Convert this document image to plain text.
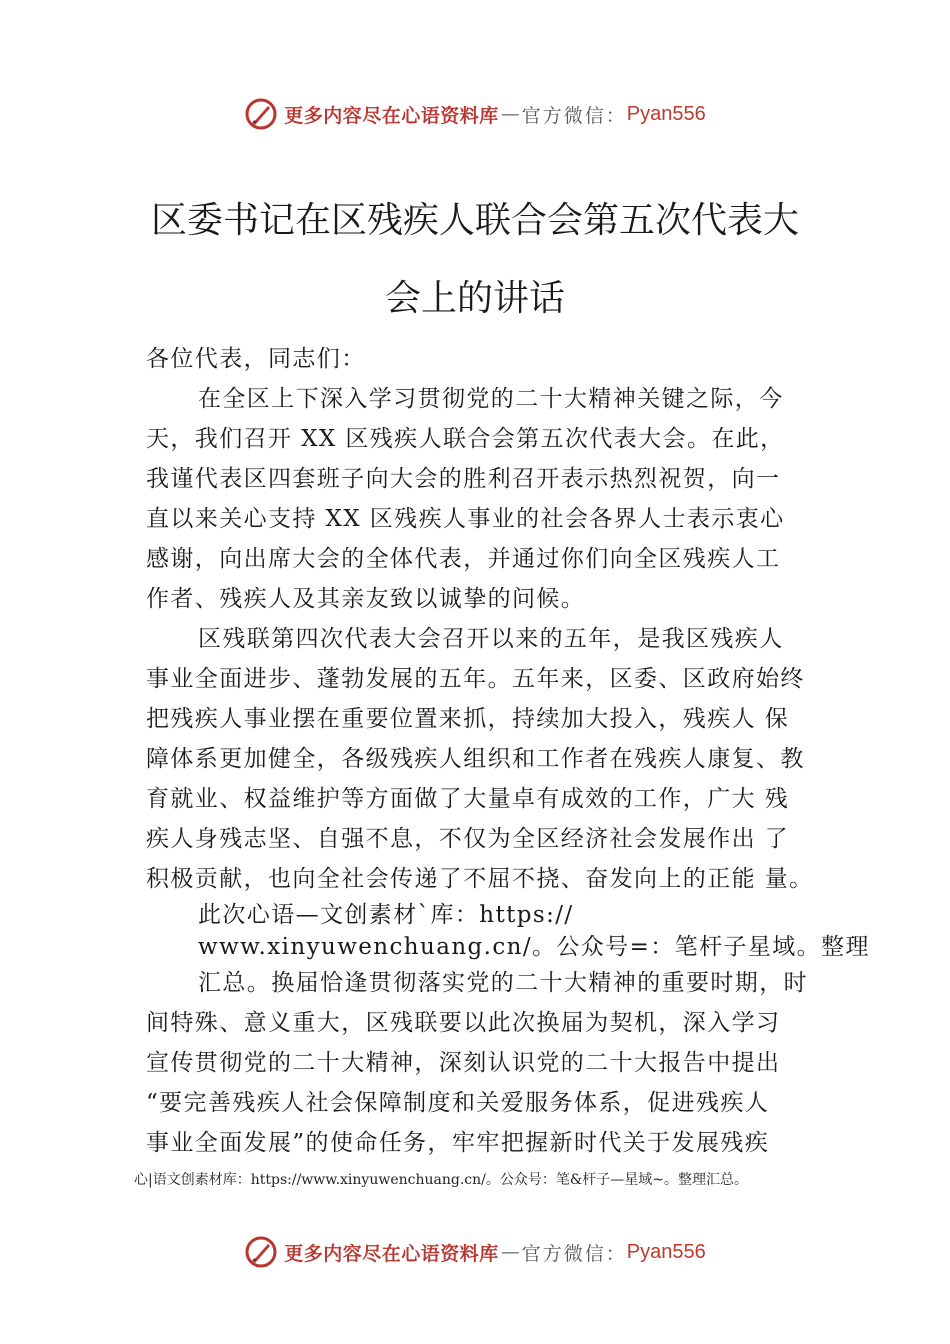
更多内容尽在心语资料库 — 官方微信： Pyan556
区委书记在区残疾人联合会第五次代表大
会上的讲话
各位代表，同志们：
在全区上下深入学习贯彻党的二十大精神关键之际，今
天，我们召开 XX 区残疾人联合会第五次代表大会。在此，
我谨代表区四套班子向大会的胜利召开表示热烈祝贺，向一
直以来关心支持 XX 区残疾人事业的社会各界人士表示衷心
感谢，向出席大会的全体代表，并通过你们向全区残疾人工
作者、残疾人及其亲友致以诚挚的问候。
区残联第四次代表大会召开以来的五年，是我区残疾人
事业全面进步、蓬勃发展的五年。五年来，区委、区政府始终
把残疾人事业摆在重要位置来抓，持续加大投入，残疾人 保
障体系更加健全，各级残疾人组织和工作者在残疾人康复、教
育就业、权益维护等方面做了大量卓有成效的工作，广大 残
疾人身残志坚、自强不息，不仅为全区经济社会发展作出 了
积极贡献，也向全社会传递了不屈不挠、奋发向上的正能 量。
此次心语—文创素材`库：https://
www.xinyuwenchuang.cn/。公众号=：笔杆子星域。整理
汇总。换届恰逢贯彻落实党的二十大精神的重要时期，时
间特殊、意义重大，区残联要以此次换届为契机，深入学习
宣传贯彻党的二十大精神，深刻认识党的二十大报告中提出
“要完善残疾人社会保障制度和关爱服务体系，促进残疾人
事业全面发展”的使命任务，牢牢把握新时代关于发展残疾
心|语文创素材库：https://www.xinyuwenchuang.cn/。公众号：笔&杆子—星域~。整理汇总。
更多内容尽在心语资料库 — 官方微信： Pyan556
